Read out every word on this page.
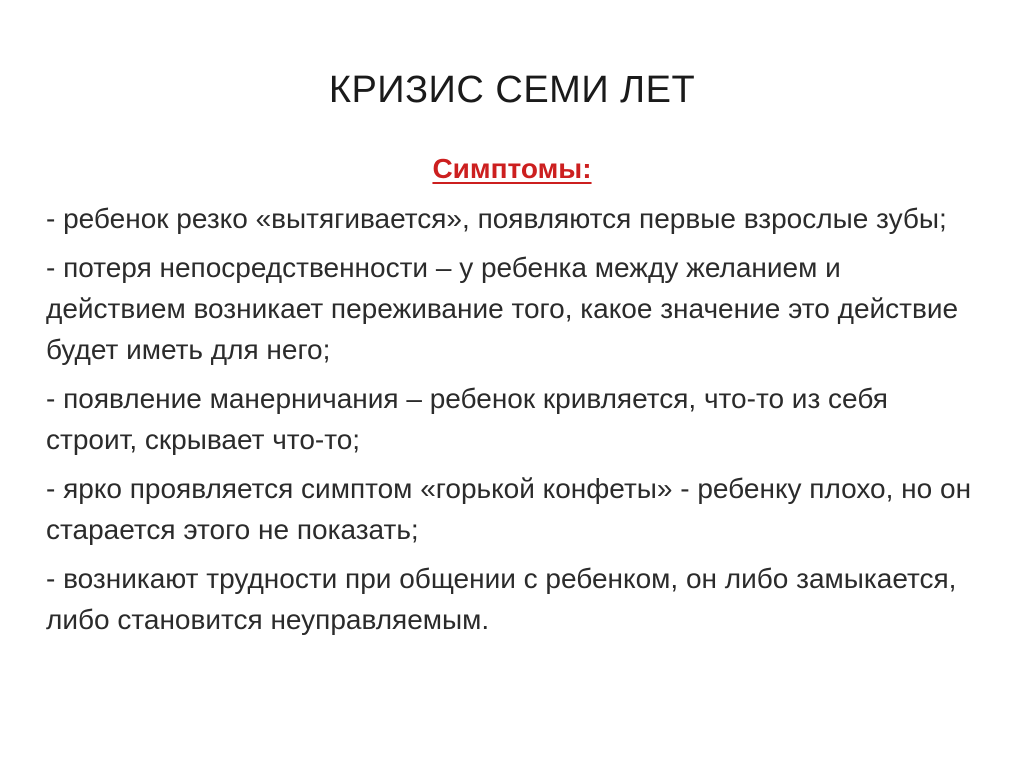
КРИЗИС СЕМИ ЛЕТ
Симптомы:

- ребенок резко «вытягивается», появляются первые взрослые зубы;

- потеря непосредственности – у ребенка между желанием и действием возникает переживание того, какое значение это действие будет иметь для него;

- появление манерничания – ребенок кривляется, что-то из себя строит, скрывает что-то;

- ярко проявляется симптом «горькой конфеты» - ребенку плохо, но он старается этого не показать;

- возникают трудности при общении с ребенком, он либо замыкается, либо становится неуправляемым.
